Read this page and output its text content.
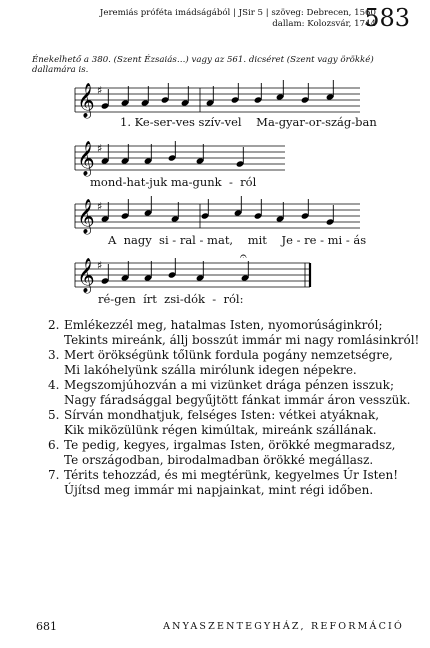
Jeremiás próféta imádságából | JSir 5 | szöveg: Debrecen, 1560
dallam: Kolozsvár, 1744
583
Énekelhető a 380. (Szent Ézsaiás…) vagy az 561. dicséret (Szent vagy örökké) dallamára is.
𝄞 ♯
𝄞 ♯
𝄞 ♯
𝄞 ♯
𝄐
1. Ke-ser-ves szív-vel    Ma-gyar-or-szág-ban
mond-hat-juk ma-gunk  -  ról
A  nagy  si - ral - mat,    mit    Je - re - mi - ás
ré-gen  írt  zsi-dók  -  ról:
2. Emlékezzél meg, hatalmas Isten, nyomorúságinkról;
Tekints mireánk, állj bosszút immár mi nagy romlásinkról!
3. Mert örökségünk tőlünk fordula pogány nemzetségre,
Mi lakóhelyünk szálla mirólunk idegen népekre.
4. Megszomjúhozván a mi vizünket drága pénzen isszuk;
Nagy fáradsággal begyűjtött fánkat immár áron vesszük.
5. Sírván mondhatjuk, felséges Isten: vétkei atyáknak,
Kik miközülünk régen kimúltak, mireánk szállának.
6. Te pedig, kegyes, irgalmas Isten, örökké megmaradsz,
Te országodban, birodalmadban örökké megállasz.
7. Térits tehozzád, és mi megtérünk, kegyelmes Úr Isten!
Újítsd meg immár mi napjainkat, mint régi időben.
681	ANYASZENTEGYHÁZ, REFORMÁCIÓ
